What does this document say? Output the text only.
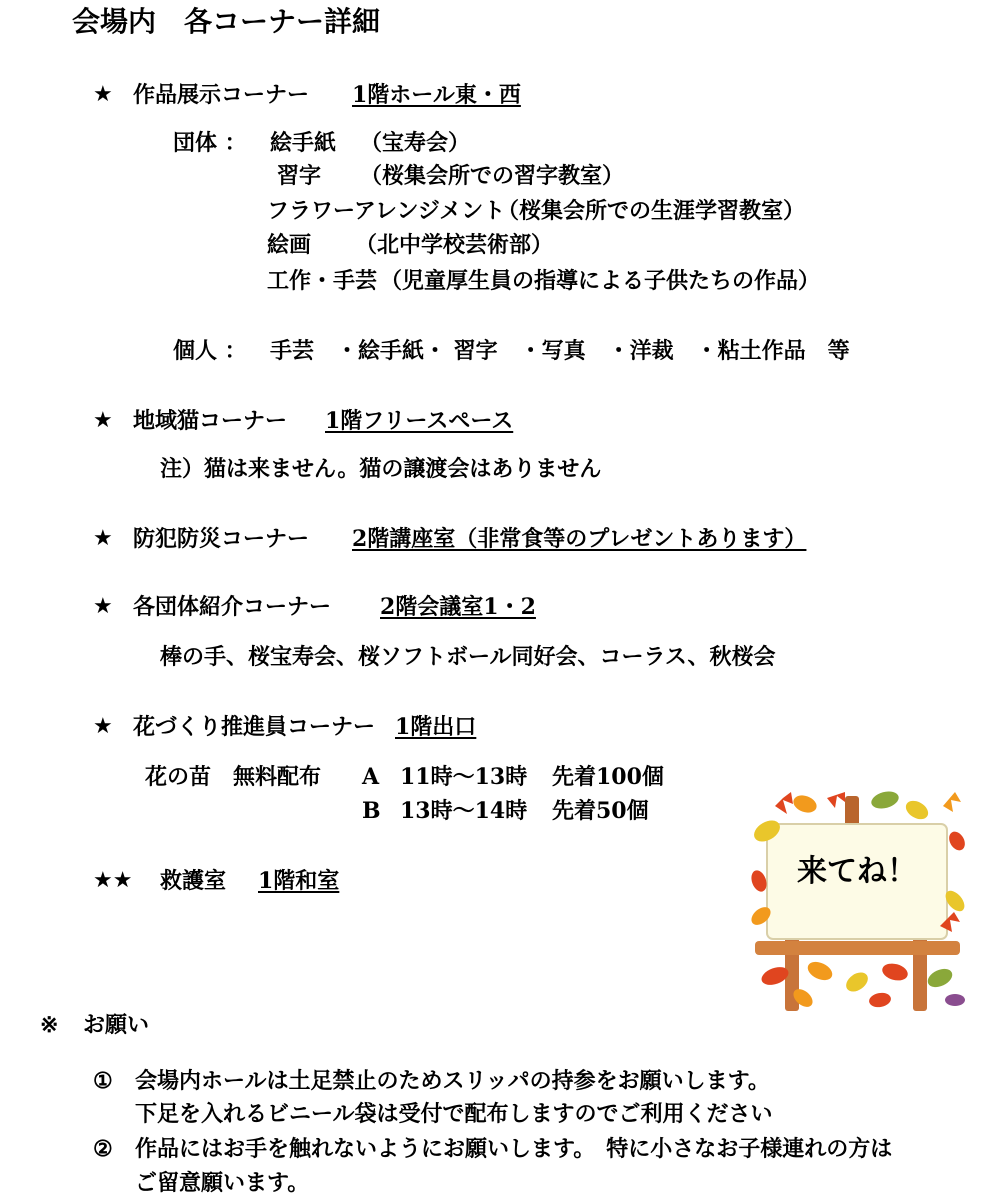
会場内　各コーナー詳細
★ 作品展示コーナー 1階ホール東・西
団体 ： 絵手紙 （宝寿会）
習字 （桜集会所での習字教室）
フラワーアレンジメント
（桜集会所での生涯学習教室）
絵画 （北中学校芸術部）
工作・手芸 （児童厚生員の指導による子供たちの作品）
個人 ： 手芸　・絵手紙・ 習字　・写真　・洋裁　・粘土作品　等
★ 地域猫コーナー 1階フリースペース
注）猫は来ません。猫の譲渡会はありません
★ 防犯防災コーナー 2階講座室（非常食等のプレゼントあります）
★ 各団体紹介コーナー 2階会議室1・2
棒の手、桜宝寿会、桜ソフトボール同好会、コーラス、秋桜会
★ 花づくり推進員コーナー 1階出口
花の苗　無料配布 A 11時～13時 先着100個
B 13時～14時 先着50個
★★ 救護室 1階和室	来てね！
※ お願い
① 会場内ホールは土足禁止のためスリッパの持参をお願いします。
下足を入れるビニール袋は受付で配布しますのでご利用ください
② 作品にはお手を触れないようにお願いします。　特に小さなお子様連れの方は
ご留意願います。
